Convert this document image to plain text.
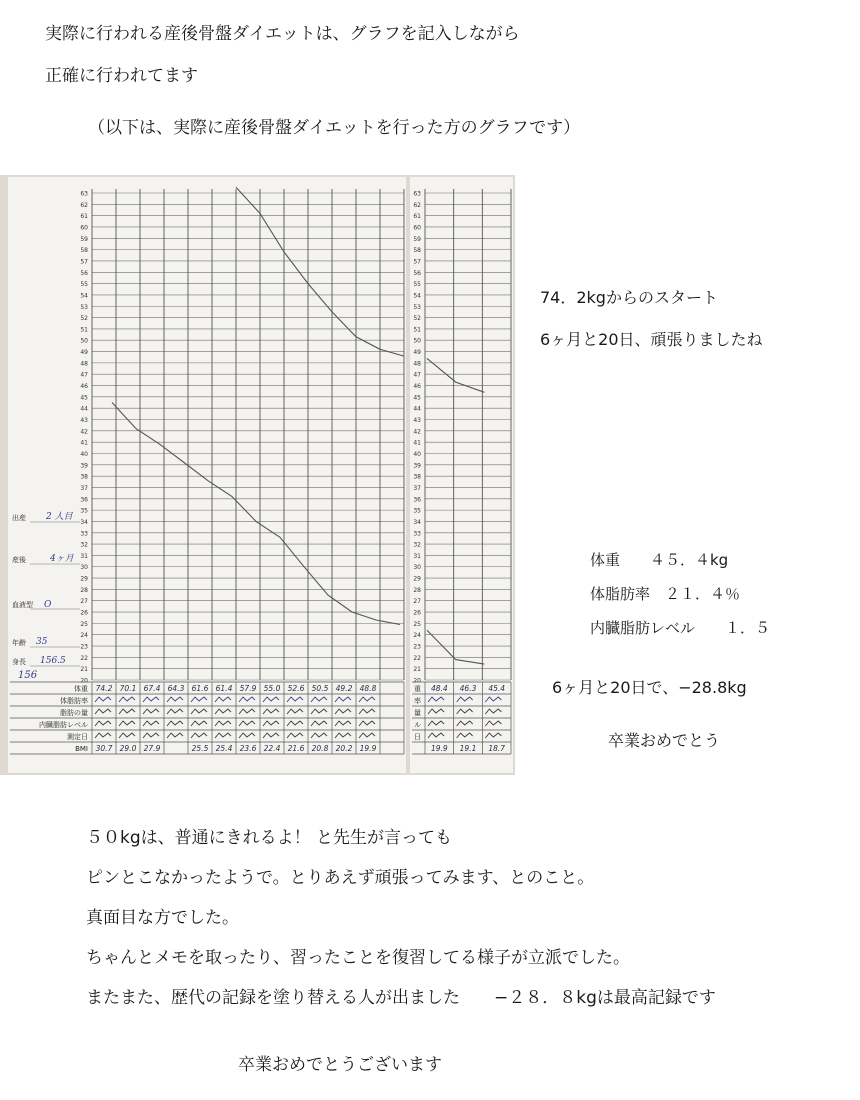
実際に行われる産後骨盤ダイエットは、グラフを記入しながら
正確に行われてます
（以下は、実際に産後骨盤ダイエットを行った方のグラフです）
20
21
22
23
24
25
26
27
28
29
30
31
32
33
34
35
36
37
38
39
40
41
42
43
44
45
46
47
48
49
50
51
52
53
54
55
56
57
58
59
60
61
62
63
20
21
22
23
24
25
26
27
28
29
30
31
32
33
34
35
36
37
38
39
40
41
42
43
44
45
46
47
48
49
50
51
52
53
54
55
56
57
58
59
60
61
62
63
体重
体脂肪率
脂肪の量
内臓脂肪レベル
測定日
BMI
74.2 70.1 67.4 64.3 61.6 61.4 57.9 55.0 52.6 50.5 49.2 48.8
30.7 29.0 27.9	25.5 25.4 23.6 22.4 21.6 20.8 20.2 19.9
重
率
量
ル
日
48.4 46.3 45.4
19.9 19.1 18.7
出産
産後
血液型
年齢
身長
2 人目
4ヶ月
O
35
156.5
156
74．2kgからのスタート
6ヶ月と20日、頑張りましたね
体重　　４５．４kg
体脂肪率　２１．４％
内臓脂肪レベル　　１．５
6ヶ月と20日で、−28.8kg
卒業おめでとう
５０kgは、普通にきれるよ！ と先生が言っても
ピンとこなかったようで。とりあえず頑張ってみます、とのこと。
真面目な方でした。
ちゃんとメモを取ったり、習ったことを復習してる様子が立派でした。
またまた、歴代の記録を塗り替える人が出ました　　−２８．８kgは最高記録です
卒業おめでとうございます
